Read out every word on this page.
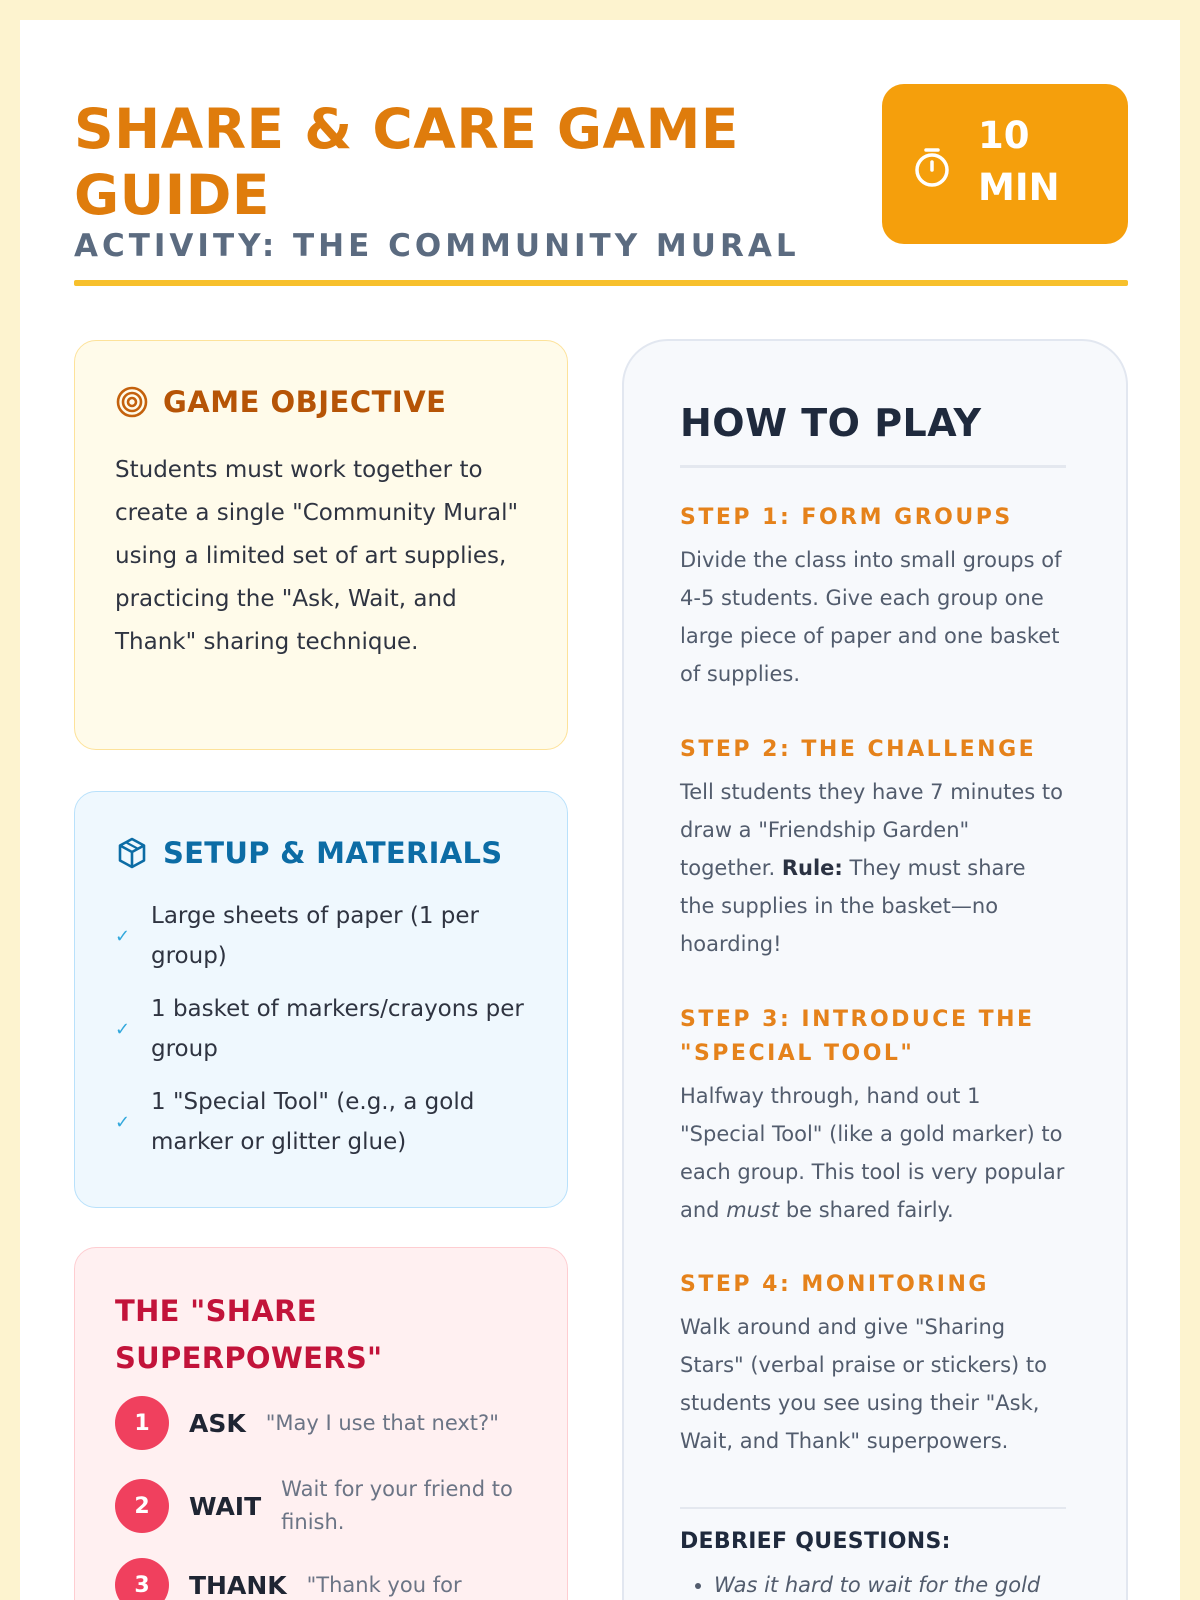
SHARE & CARE GAME GUIDE
ACTIVITY: THE COMMUNITY MURAL
10 MIN
GAME OBJECTIVE
Students must work together to create a single "Community Mural" using a limited set of art supplies, practicing the "Ask, Wait, and Thank" sharing technique.
SETUP & MATERIALS
✓
Large sheets of paper (1 per group)
✓
1 basket of markers/crayons per group
✓
1 "Special Tool" (e.g., a gold marker or glitter glue)
THE "SHARE SUPERPOWERS"
1	ASK "May I use that next?"
2	WAIT
Wait for your friend to finish.
3	THANK "Thank you for
HOW TO PLAY
STEP 1: FORM GROUPS

Divide the class into small groups of 4-5 students. Give each group one large piece of paper and one basket of supplies.

STEP 2: THE CHALLENGE

Tell students they have 7 minutes to draw a "Friendship Garden" together. Rule: They must share the supplies in the basket—no hoarding!

STEP 3: INTRODUCE THE "SPECIAL TOOL"

Halfway through, hand out 1 "Special Tool" (like a gold marker) to each group. This tool is very popular and must be shared fairly.

STEP 4: MONITORING

Walk around and give "Sharing Stars" (verbal praise or stickers) to students you see using their "Ask, Wait, and Thank" superpowers.

DEBRIEF QUESTIONS:
• Was it hard to wait for the gold
